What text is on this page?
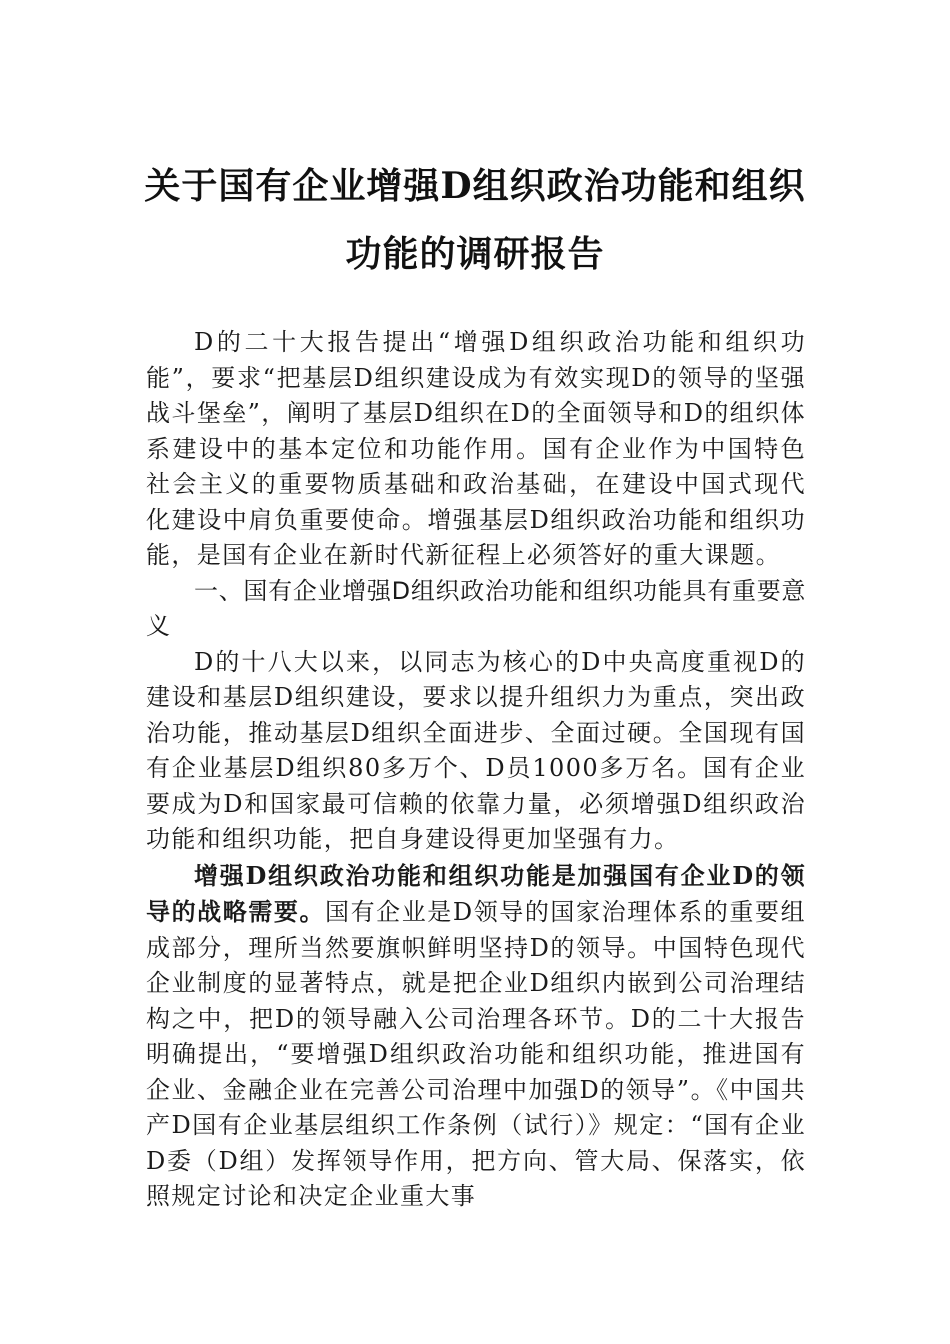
关于国有企业增强D组织政治功能和组织
功能的调研报告

D的二十大报告提出“增强D组织政治功能和组织功能”，要求“把基层D组织建设成为有效实现D的领导的坚强战斗堡垒”，阐明了基层D组织在D的全面领导和D的组织体系建设中的基本定位和功能作用。国有企业作为中国特色社会主义的重要物质基础和政治基础，在建设中国式现代化建设中肩负重要使命。增强基层D组织政治功能和组织功能，是国有企业在新时代新征程上必须答好的重大课题。

一、国有企业增强D组织政治功能和组织功能具有重要意义

D的十八大以来，以同志为核心的D中央高度重视D的建设和基层D组织建设，要求以提升组织力为重点，突出政治功能，推动基层D组织全面进步、全面过硬。全国现有国有企业基层D组织80多万个、D员1000多万名。国有企业要成为D和国家最可信赖的依靠力量，必须增强D组织政治功能和组织功能，把自身建设得更加坚强有力。

增强D组织政治功能和组织功能是加强国有企业D的领导的战略需要。国有企业是D领导的国家治理体系的重要组成部分，理所当然要旗帜鲜明坚持D的领导。中国特色现代企业制度的显著特点，就是把企业D组织内嵌到公司治理结构之中，把D的领导融入公司治理各环节。D的二十大报告明确提出，“要增强D组织政治功能和组织功能，推进国有企业、金融企业在完善公司治理中加强D的领导”。《中国共产D国有企业基层组织工作条例（试行）》规定：“国有企业D委（D组）发挥领导作用，把方向、管大局、保落实，依照规定讨论和决定企业重大事
